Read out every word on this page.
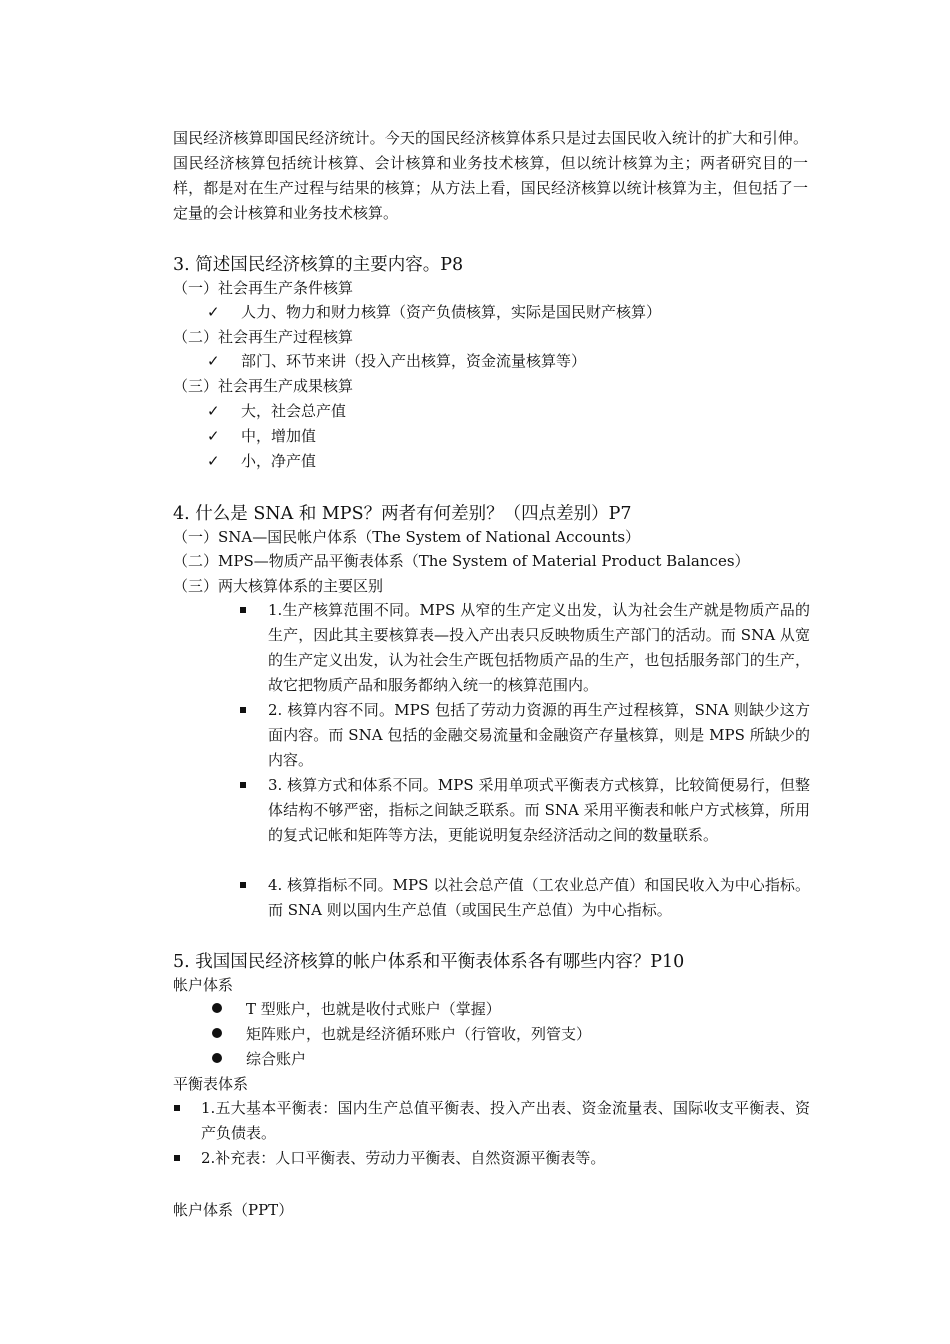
国民经济核算即国民经济统计。今天的国民经济核算体系只是过去国民收入统计的扩大和引伸。国民经济核算包括统计核算、会计核算和业务技术核算，但以统计核算为主；两者研究目的一样，都是对在生产过程与结果的核算；从方法上看，国民经济核算以统计核算为主，但包括了一定量的会计核算和业务技术核算。

3. 简述国民经济核算的主要内容。P8

（一）社会再生产条件核算

✓ 人力、物力和财力核算（资产负债核算，实际是国民财产核算）

（二）社会再生产过程核算

✓ 部门、环节来讲（投入产出核算，资金流量核算等）

（三）社会再生产成果核算

✓ 大，社会总产值
✓ 中，增加值
✓ 小，净产值

4. 什么是 SNA 和 MPS？两者有何差别？（四点差别）P7

（一）SNA—国民帐户体系（The System of National Accounts）

（二）MPS—物质产品平衡表体系（The System of Material Product Balances）

（三）两大核算体系的主要区别

1.生产核算范围不同。MPS 从窄的生产定义出发，认为社会生产就是物质产品的生产，因此其主要核算表—投入产出表只反映物质生产部门的活动。而 SNA 从宽的生产定义出发，认为社会生产既包括物质产品的生产，也包括服务部门的生产，故它把物质产品和服务都纳入统一的核算范围内。
2. 核算内容不同。MPS 包括了劳动力资源的再生产过程核算，SNA 则缺少这方面内容。而 SNA 包括的金融交易流量和金融资产存量核算，则是 MPS 所缺少的内容。
3. 核算方式和体系不同。MPS 采用单项式平衡表方式核算，比较简便易行，但整体结构不够严密，指标之间缺乏联系。而 SNA 采用平衡表和帐户方式核算，所用的复式记帐和矩阵等方法，更能说明复杂经济活动之间的数量联系。
4. 核算指标不同。MPS 以社会总产值（工农业总产值）和国民收入为中心指标。而 SNA 则以国内生产总值（或国民生产总值）为中心指标。

5. 我国国民经济核算的帐户体系和平衡表体系各有哪些内容？P10

帐户体系

T 型账户，也就是收付式账户（掌握）
矩阵账户，也就是经济循环账户（行管收，列管支）
综合账户

平衡表体系

1.五大基本平衡表：国内生产总值平衡表、投入产出表、资金流量表、国际收支平衡表、资产负债表。
2.补充表：人口平衡表、劳动力平衡表、自然资源平衡表等。

帐户体系（PPT）
